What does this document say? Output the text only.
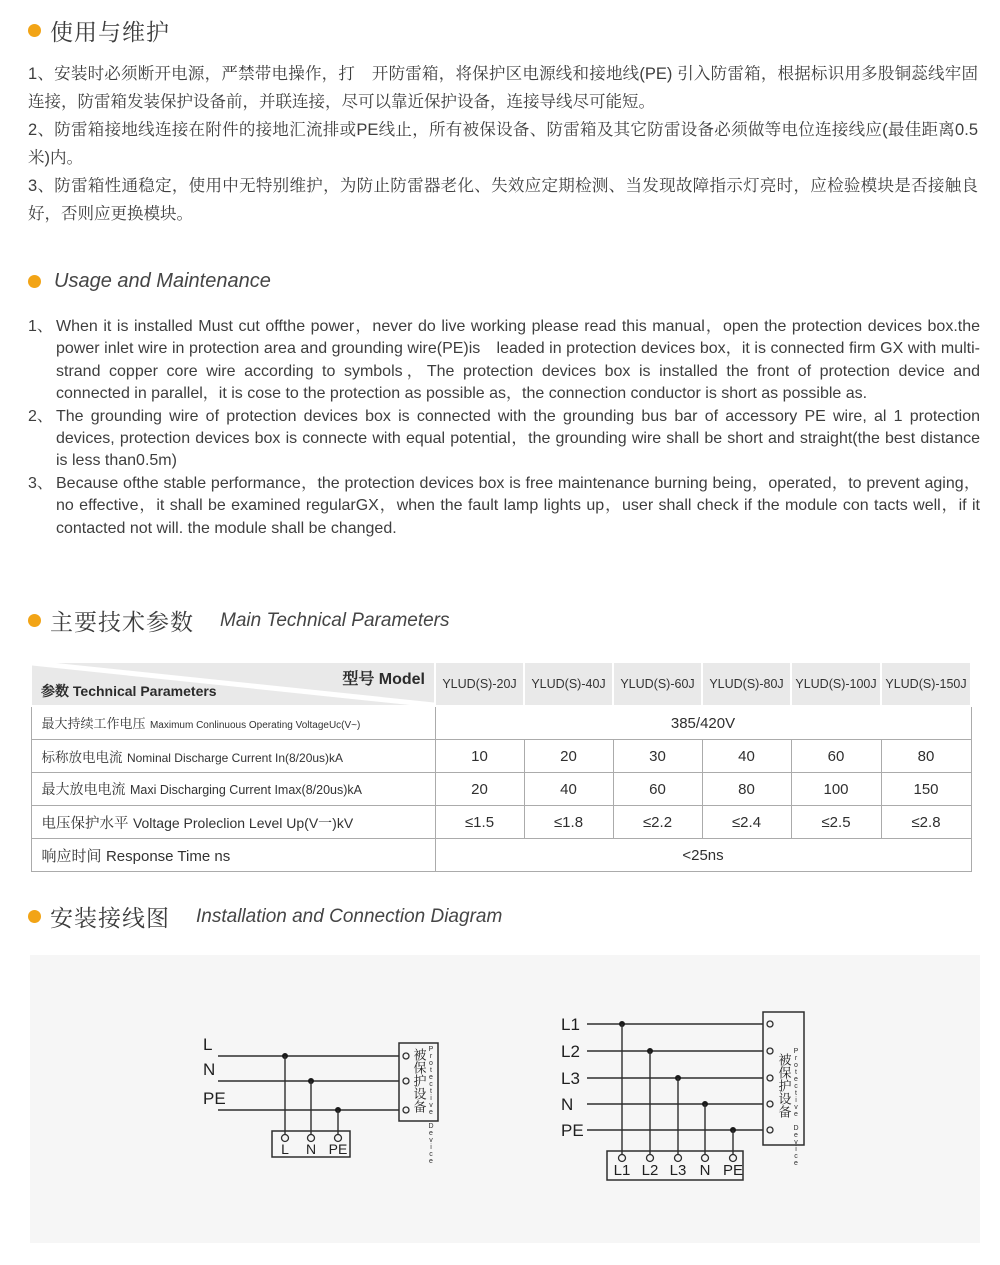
使用与维护

1、安装时必须断开电源，严禁带电操作，打　开防雷箱，将保护区电源线和接地线(PE) 引入防雷箱，根据标识用多股铜蕊线牢固 连接，防雷箱发装保护设备前，并联连接，尽可以靠近保护设备，连接导线尽可能短。

2、防雷箱接地线连接在附件的接地汇流排或PE线止，所有被保设备、防雷箱及其它防雷设备必须做等电位连接线应(最佳距离0.5米)内。

3、防雷箱性通稳定，使用中无特别维护，为防止防雷器老化、失效应定期检测、当发现故障指示灯亮时，应检验模块是否接触良好，否则应更换模块。

Usage and Maintenance
1、 When it is installed Must cut offthe power，never do live working please read this manual，open the protection devices box.the power inlet wire in protection area and grounding wire(PE)is　leaded in protection devices box，it is connected firm GX with multi-strand copper core wire according to symbols，The protection devices box is installed the front of protection device and connected in parallel，it is cose to the protection as possible as，the connection conductor is short as possible as.
2、 The grounding wire of protection devices box is connected with the grounding bus bar of accessory PE wire, al 1 protection devices, protection devices box is connecte with equal potential，the grounding wire shall be short and straight(the best distance is less than0.5m)
3、 Because ofthe stable performance，the protection devices box is free maintenance burning being，operated，to prevent aging，no effective，it shall be examined regularGX，when the fault lamp lights up，user shall check if the module con tacts well，if it contacted not will. the module shall be changed.
主要技术参数 Main Technical Parameters
型号 Model
参数 Technical Parameters	YLUD(S)-20J	YLUD(S)-40J	YLUD(S)-60J	YLUD(S)-80J	YLUD(S)-100J	YLUD(S)-150J
最大持续工作电压 Maximum Conlinuous Operating VoltageUc(V~)	385/420V					
标称放电电流 Nominal Discharge Current In(8/20us)kA	10	20	30	40	60	80
最大放电电流 Maxi Discharging Current Imax(8/20us)kA	20	40	60	80	100	150
电压保护水平 Voltage Proleclion Level Up(V一)kV	≤1.5	≤1.8	≤2.2	≤2.4	≤2.5	≤2.8
响应时间 Response Time ns	<25ns					
安装接线图 Installation and Connection Diagram
L
N
PE
L N PE
被保护设备 Protective Device
L1
L2
L3
N
PE
L1 L2 L3 N PE
被保护设备 Protective Device
